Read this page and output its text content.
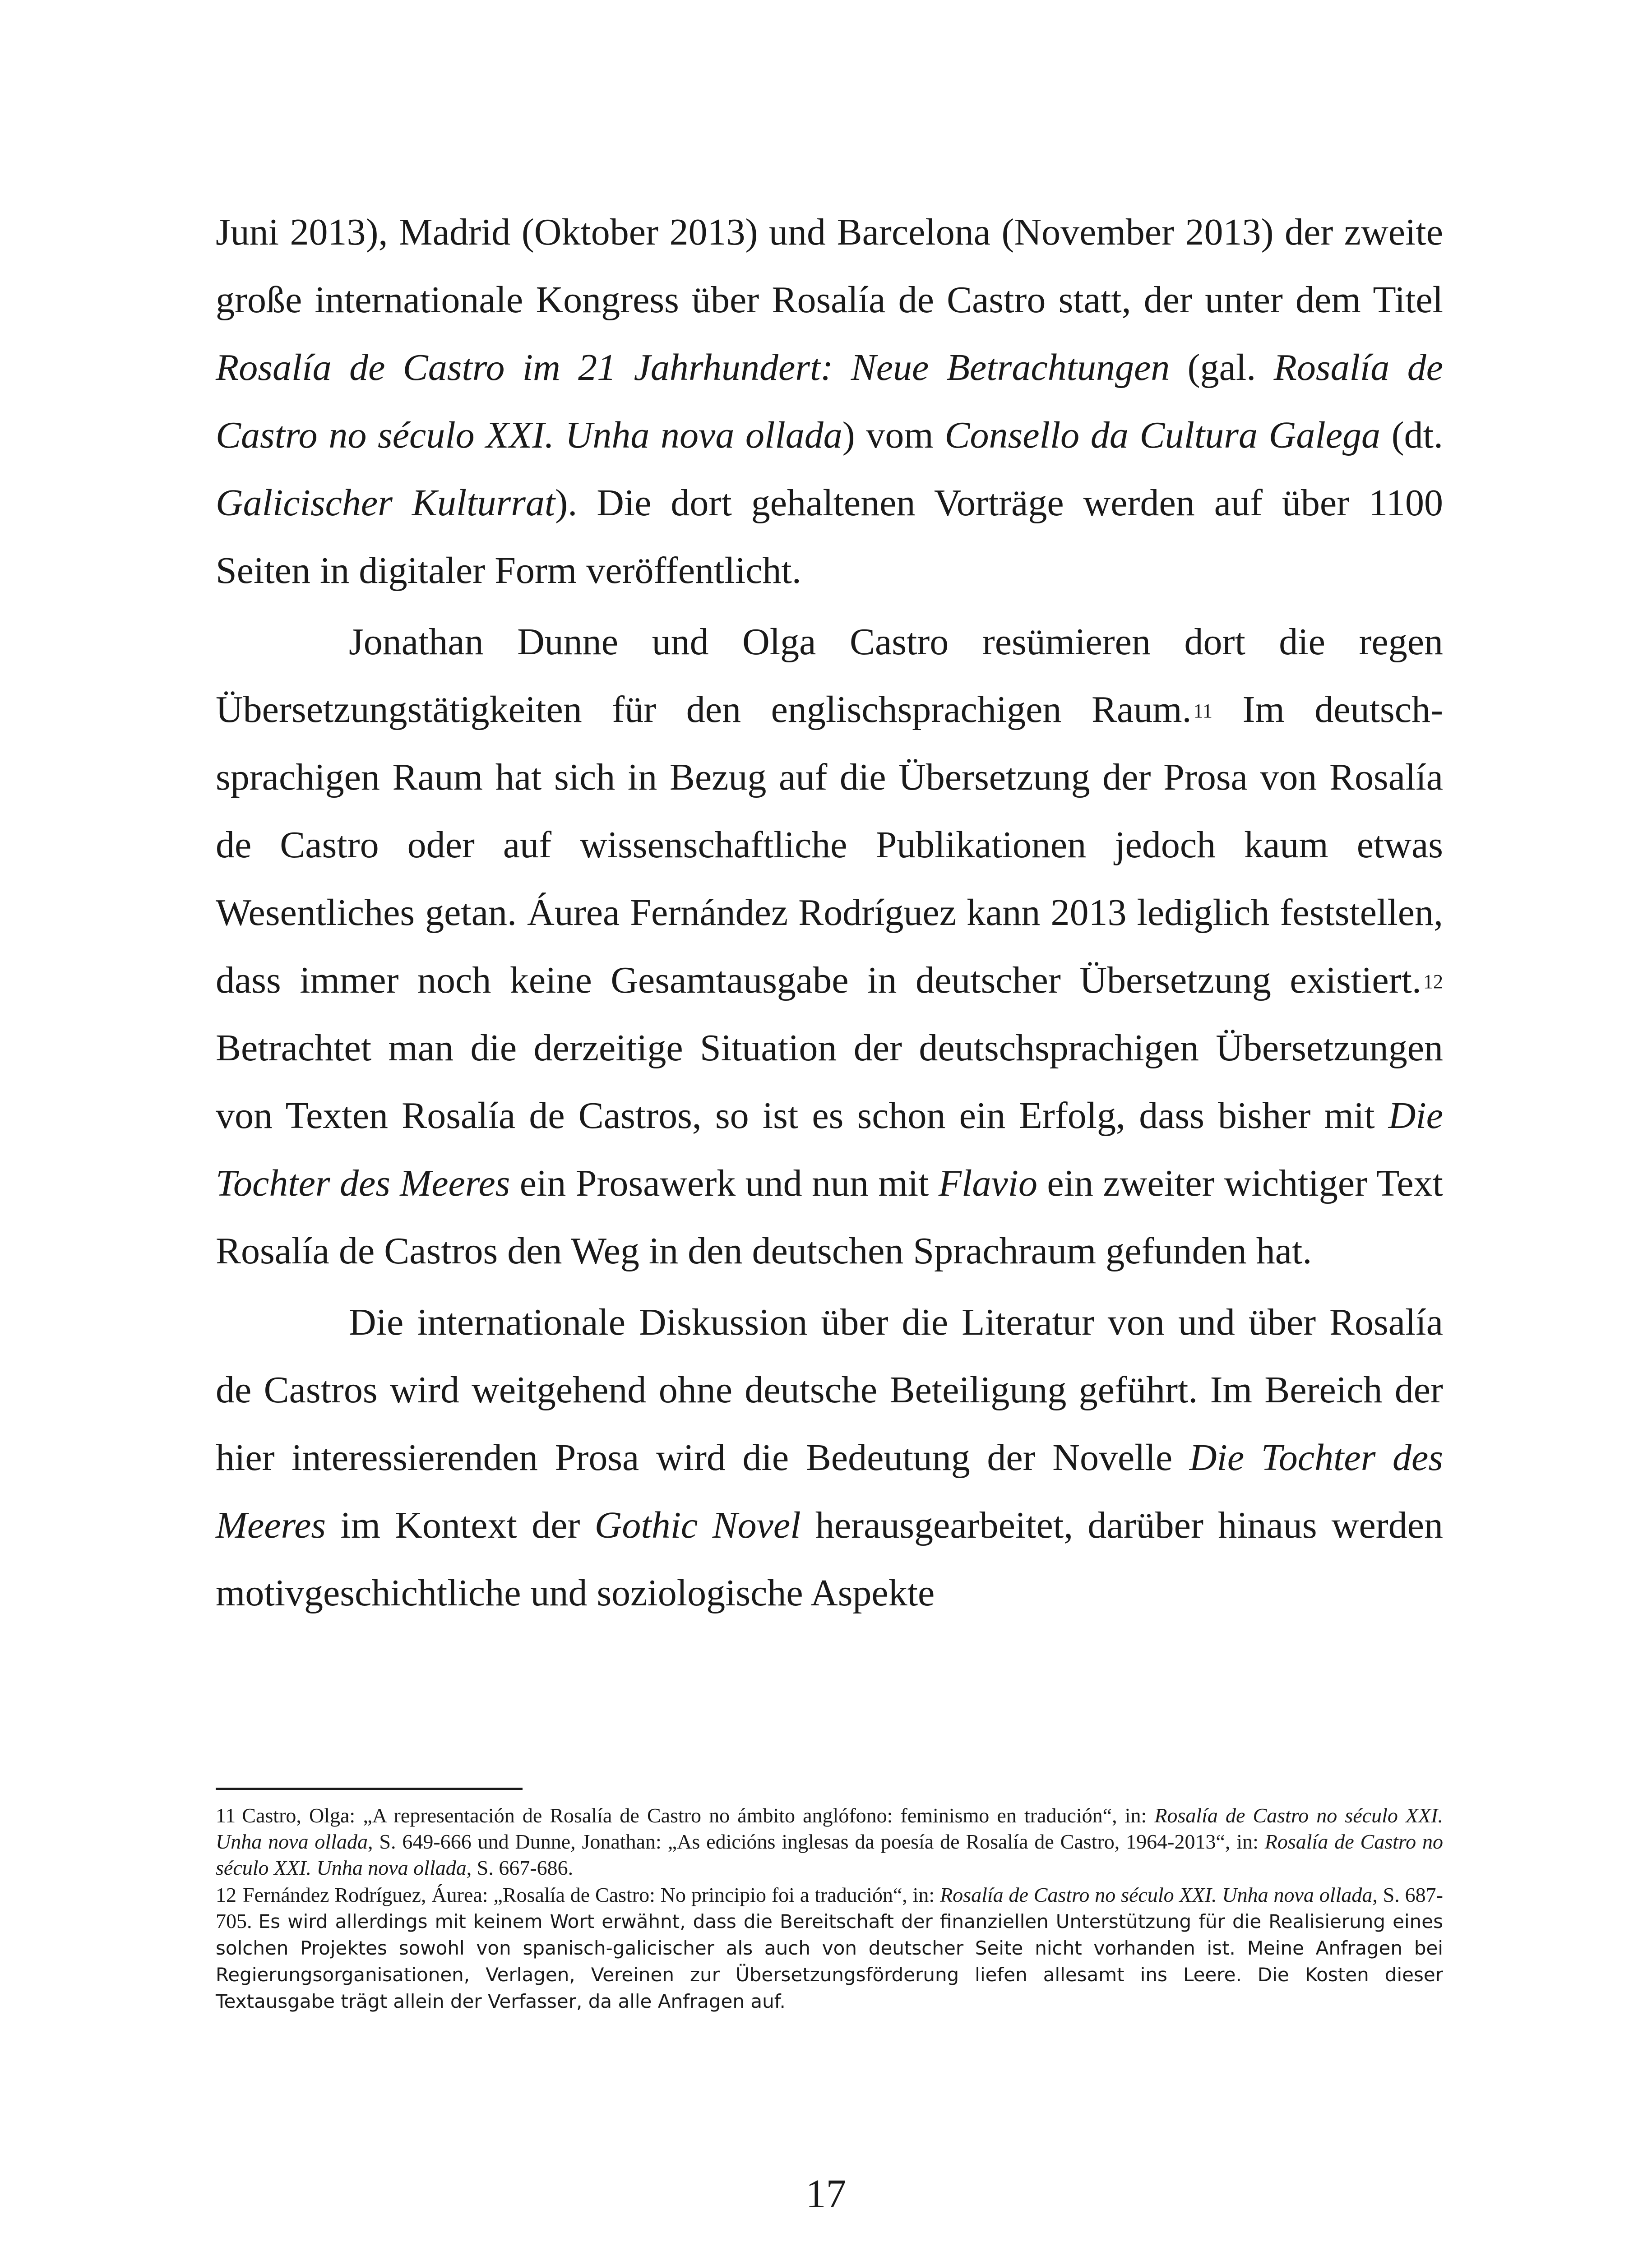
Juni 2013), Madrid (Oktober 2013) und Barcelona (November 2013) der zweite große internationale Kongress über Rosalía de Castro statt, der unter dem Titel Rosalía de Castro im 21 Jahrhundert: Neue Betrachtungen (gal. Rosalía de Castro no século XXI. Unha nova ollada) vom Consello da Cultura Galega (dt. Galicischer Kulturrat). Die dort gehaltenen Vorträge werden auf über 1100 Seiten in digitaler Form veröffentlicht.

Jonathan Dunne und Olga Castro resümieren dort die regen Übersetzungstätigkeiten für den englischsprachigen Raum.$^{11}$ Im deutschsprachigen Raum hat sich in Bezug auf die Übersetzung der Prosa von Rosalía de Castro oder auf wissenschaftliche Publikationen jedoch kaum etwas Wesentliches getan. Áurea Fernández Rodríguez kann 2013 lediglich feststellen, dass immer noch keine Gesamtausgabe in deutscher Übersetzung existiert.$^{12}$ Betrachtet man die derzeitige Situation der deutschsprachigen Übersetzungen von Texten Rosalía de Castros, so ist es schon ein Erfolg, dass bisher mit Die Tochter des Meeres ein Prosawerk und nun mit Flavio ein zweiter wichtiger Text Rosalía de Castros den Weg in den deutschen Sprachraum gefunden hat.

Die internationale Diskussion über die Literatur von und über Rosalía de Castros wird weitgehend ohne deutsche Beteiligung geführt. Im Bereich der hier interessierenden Prosa wird die Bedeutung der Novelle Die Tochter des Meeres im Kontext der Gothic Novel herausgearbeitet, darüber hinaus werden motivgeschichtliche und soziologische Aspekte

11 Castro, Olga: „A representación de Rosalía de Castro no ámbito anglófono: feminismo en tradución“, in: Rosalía de Castro no século XXI. Unha nova ollada, S. 649-666 und Dunne, Jonathan: „As edicións inglesas da poesía de Rosalía de Castro, 1964-2013“, in: Rosalía de Castro no século XXI. Unha nova ollada, S. 667-686.

12 Fernández Rodríguez, Áurea: „Rosalía de Castro: No principio foi a tradución“, in: Rosalía de Castro no século XXI. Unha nova ollada, S. 687-705. Es wird allerdings mit keinem Wort erwähnt, dass die Bereitschaft der finanziellen Unterstützung für die Realisierung eines solchen Projektes sowohl von spanisch-galicischer als auch von deutscher Seite nicht vorhanden ist. Meine Anfragen bei Regierungsorganisationen, Verlagen, Vereinen zur Übersetzungsförderung liefen allesamt ins Leere. Die Kosten dieser Textausgabe trägt allein der Verfasser, da alle Anfragen auf.

17
